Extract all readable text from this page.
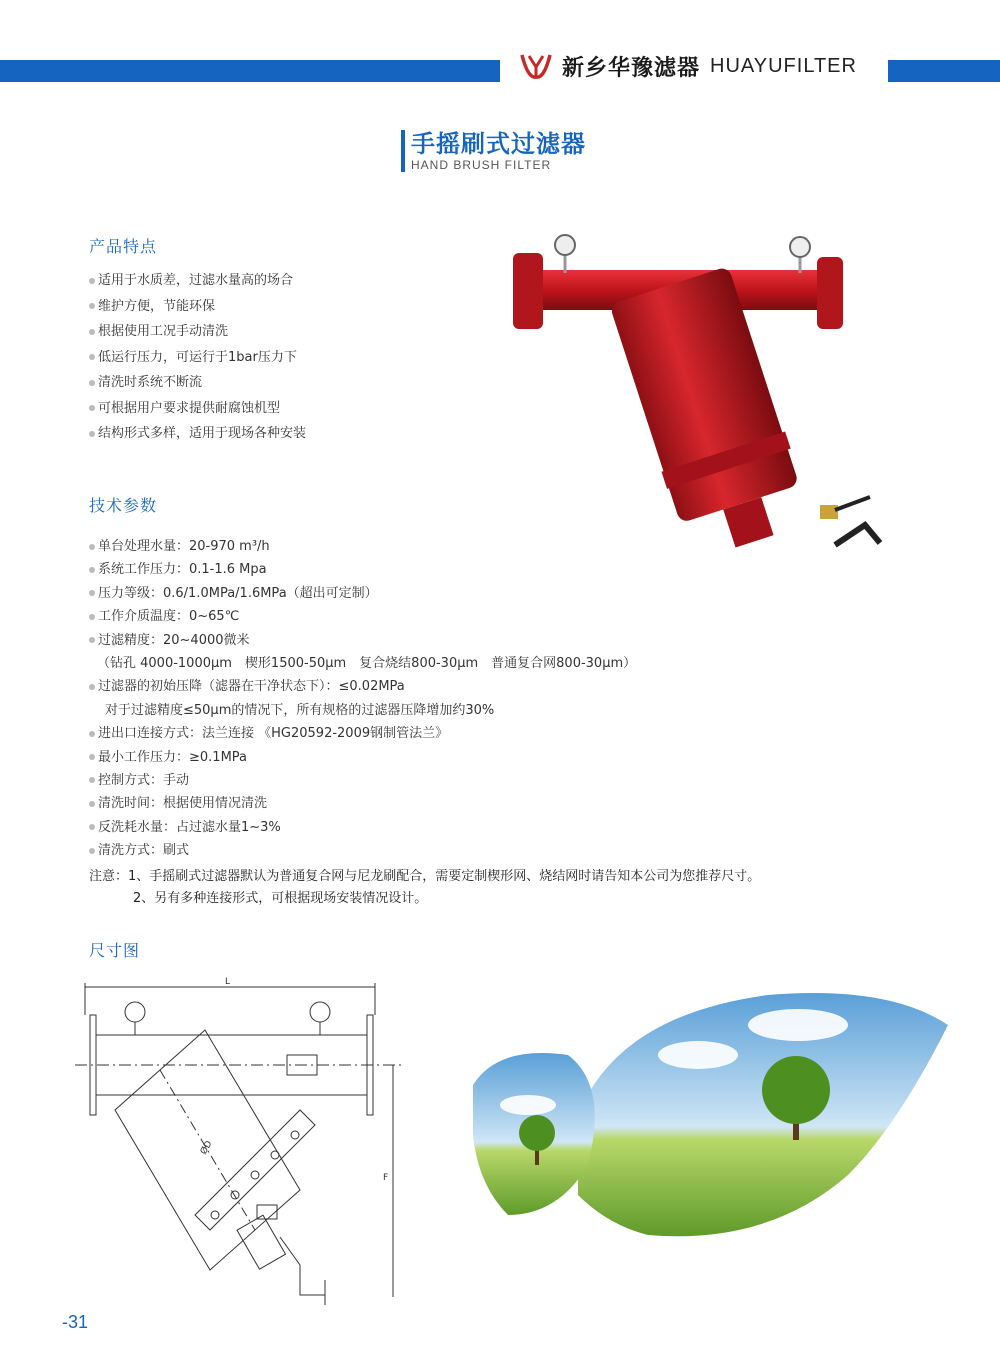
新乡华豫滤器 HUAYUFILTER
手摇刷式过滤器
HAND BRUSH FILTER
产品特点
适用于水质差，过滤水量高的场合
维护方便，节能环保
根据使用工况手动清洗
低运行压力，可运行于1bar压力下
清洗时系统不断流
可根据用户要求提供耐腐蚀机型
结构形式多样，适用于现场各种安装
技术参数
单台处理水量：20-970 m³/h
系统工作压力：0.1-1.6 Mpa
压力等级：0.6/1.0MPa/1.6MPa（超出可定制）
工作介质温度：0~65℃
过滤精度：20~4000微米
（钻孔 4000-1000μm　楔形1500-50μm　复合烧结800-30μm　普通复合网800-30μm）
过滤器的初始压降（滤器在干净状态下）：≤0.02MPa
对于过滤精度≤50μm的情况下，所有规格的过滤器压降增加约30%
进出口连接方式：法兰连接 《HG20592-2009钢制管法兰》
最小工作压力：≥0.1MPa
控制方式：手动
清洗时间：根据使用情况清洗
反洗耗水量：占过滤水量1~3%
清洗方式：刷式
注意：1、手摇刷式过滤器默认为普通复合网与尼龙刷配合，需要定制楔形网、烧结网时请告知本公司为您推荐尺寸。
2、另有多种连接形式，可根据现场安装情况设计。
尺寸图
L
F
ØD
-31
